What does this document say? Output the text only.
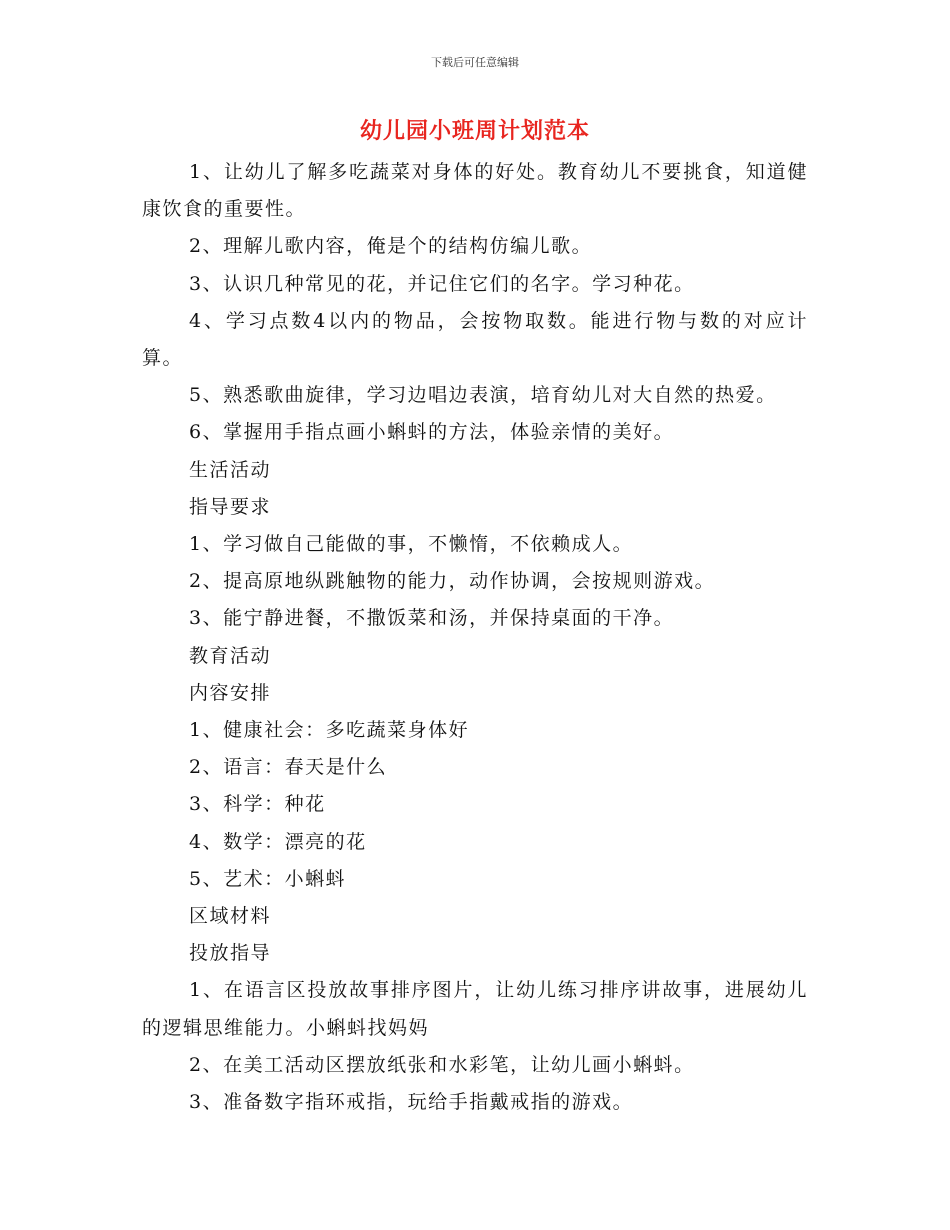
下载后可任意编辑
幼儿园小班周计划范本

1、让幼儿了解多吃蔬菜对身体的好处。教育幼儿不要挑食，知道健康饮食的重要性。

2、理解儿歌内容，俺是个的结构仿编儿歌。

3、认识几种常见的花，并记住它们的名字。学习种花。

4、学习点数4以内的物品，会按物取数。能进行物与数的对应计算。

5、熟悉歌曲旋律，学习边唱边表演，培育幼儿对大自然的热爱。

6、掌握用手指点画小蝌蚪的方法，体验亲情的美好。

生活活动

指导要求

1、学习做自己能做的事，不懒惰，不依赖成人。

2、提高原地纵跳触物的能力，动作协调，会按规则游戏。

3、能宁静进餐，不撒饭菜和汤，并保持桌面的干净。

教育活动

内容安排

1、健康社会：多吃蔬菜身体好

2、语言：春天是什么

3、科学：种花

4、数学：漂亮的花

5、艺术：小蝌蚪

区域材料

投放指导

1、在语言区投放故事排序图片，让幼儿练习排序讲故事，进展幼儿的逻辑思维能力。小蝌蚪找妈妈

2、在美工活动区摆放纸张和水彩笔，让幼儿画小蝌蚪。

3、准备数字指环戒指，玩给手指戴戒指的游戏。
